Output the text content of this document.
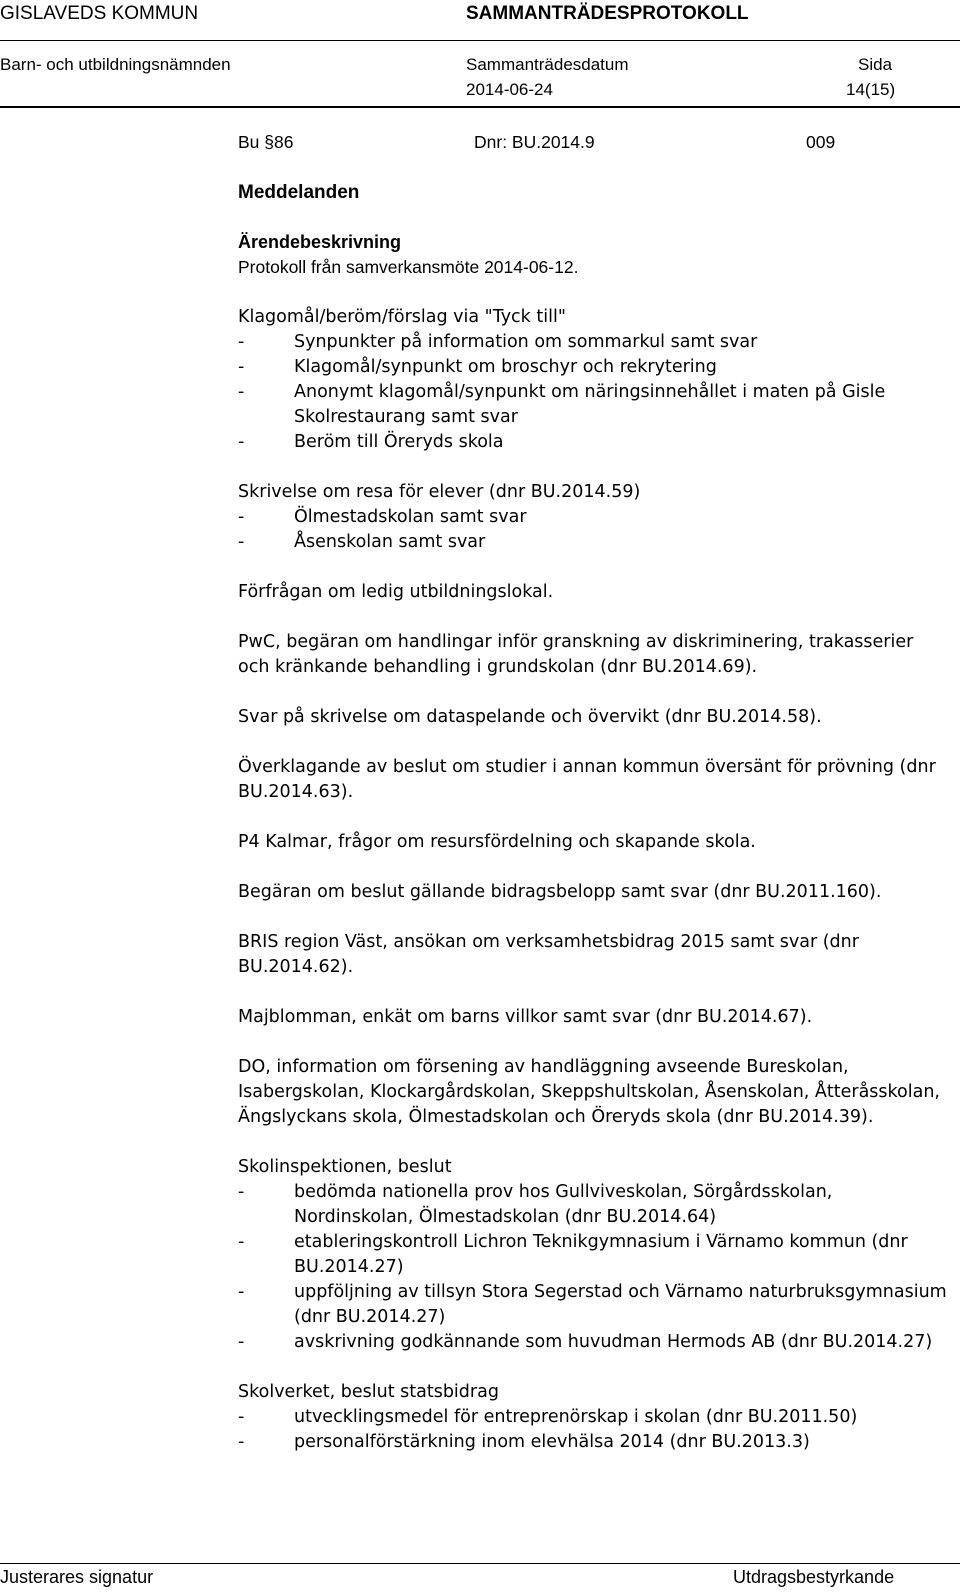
GISLAVEDS KOMMUN	SAMMANTRÄDESPROTOKOLL
Barn- och utbildningsnämnden	Sammanträdesdatum
2014-06-24
Sida
14(15)
Bu §86	Dnr: BU.2014.9	009

Meddelanden

Ärendebeskrivning

Protokoll från samverkansmöte 2014-06-12.

Klagomål/beröm/förslag via "Tyck till"

-	Synpunkter på information om sommarkul samt svar
-	Klagomål/synpunkt om broschyr och rekrytering
-	Anonymt klagomål/synpunkt om näringsinnehållet i maten på Gisle Skolrestaurang samt svar
-	Beröm till Öreryds skola

Skrivelse om resa för elever (dnr BU.2014.59)

-	Ölmestadskolan samt svar
-	Åsenskolan samt svar

Förfrågan om ledig utbildningslokal.

PwC, begäran om handlingar inför granskning av diskriminering, trakasserier och kränkande behandling i grundskolan (dnr BU.2014.69).

Svar på skrivelse om dataspelande och övervikt (dnr BU.2014.58).

Överklagande av beslut om studier i annan kommun översänt för prövning (dnr BU.2014.63).

P4 Kalmar, frågor om resursfördelning och skapande skola.

Begäran om beslut gällande bidragsbelopp samt svar (dnr BU.2011.160).

BRIS region Väst, ansökan om verksamhetsbidrag 2015 samt svar (dnr BU.2014.62).

Majblomman, enkät om barns villkor samt svar (dnr BU.2014.67).

DO, information om försening av handläggning avseende Bureskolan, Isabergskolan, Klockargårdskolan, Skeppshultskolan, Åsenskolan, Åtteråsskolan, Ängslyckans skola, Ölmestadskolan och Öreryds skola (dnr BU.2014.39).

Skolinspektionen, beslut

-	bedömda nationella prov hos Gullviveskolan, Sörgårdsskolan, Nordinskolan, Ölmestadskolan (dnr BU.2014.64)
-	etableringskontroll Lichron Teknikgymnasium i Värnamo kommun (dnr BU.2014.27)
-	uppföljning av tillsyn Stora Segerstad och Värnamo naturbruksgymnasium (dnr BU.2014.27)
-	avskrivning godkännande som huvudman Hermods AB (dnr BU.2014.27)

Skolverket, beslut statsbidrag

-	utvecklingsmedel för entreprenörskap i skolan (dnr BU.2011.50)
-	personalförstärkning inom elevhälsa 2014 (dnr BU.2013.3)
Justerares signatur	Utdragsbestyrkande
